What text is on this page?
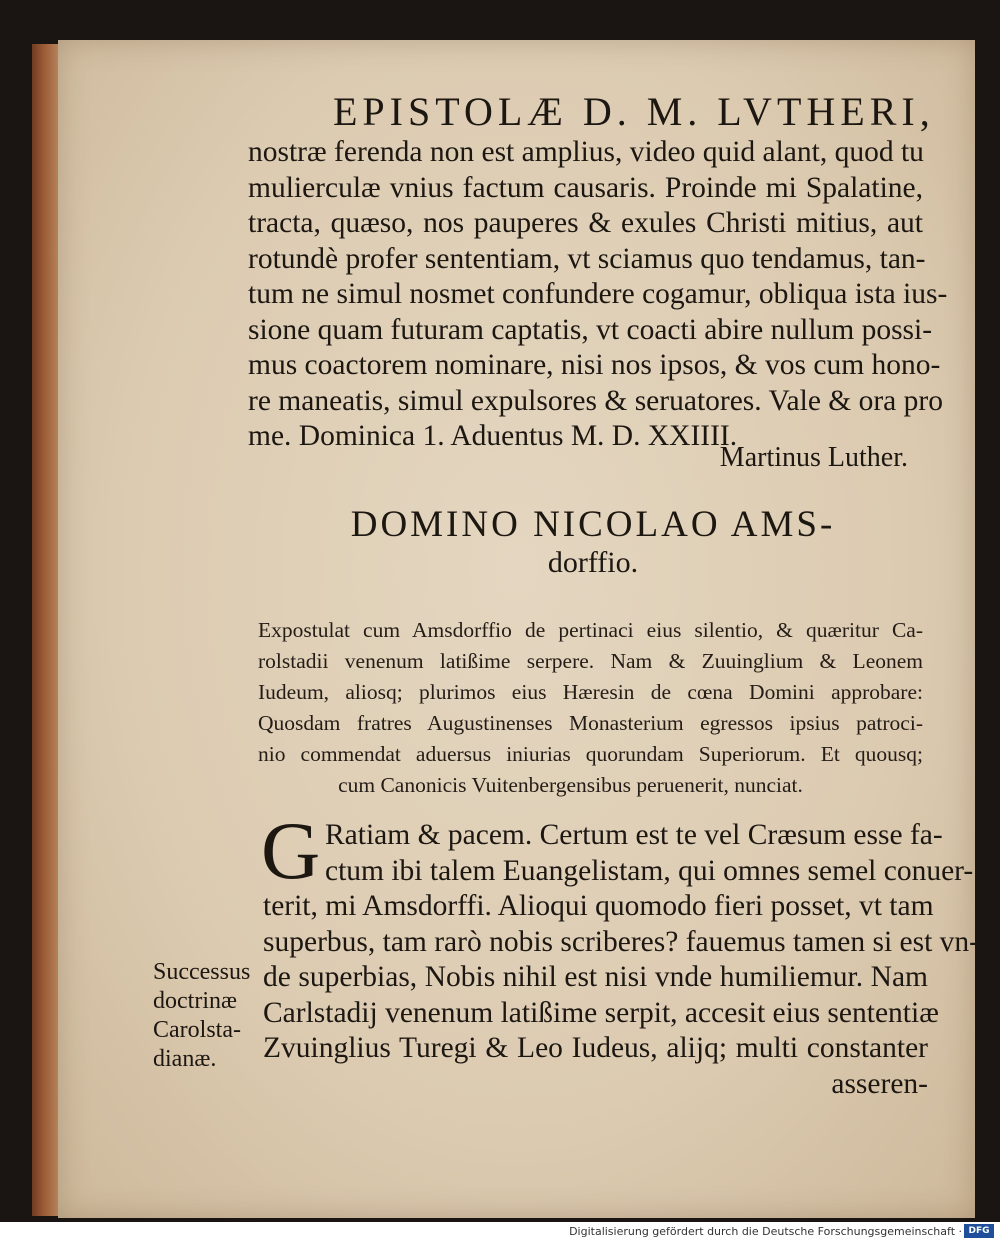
EPISTOLÆ D. M. LVTHERI,
nostræ ferenda non est amplius, video quid alant, quod tu
mulierculæ vnius factum causaris. Proinde mi Spalatine,
tracta, quæso, nos pauperes & exules Christi mitius, aut
rotundè profer sententiam, vt sciamus quo tendamus, tan-
tum ne simul nosmet confundere cogamur, obliqua ista ius-
sione quam futuram captatis, vt coacti abire nullum possi-
mus coactorem nominare, nisi nos ipsos, & vos cum hono-
re maneatis, simul expulsores & seruatores. Vale & ora pro
me. Dominica 1. Aduentus M. D. XXIIII.
Martinus Luther.
DOMINO NICOLAO AMS-
dorffio.
Expostulat cum Amsdorffio de pertinaci eius silentio, & quæritur Ca-
rolstadii venenum latißime serpere. Nam & Zuuinglium & Leonem
Iudeum, aliosq; plurimos eius Hæresin de cœna Domini approbare:
Quosdam fratres Augustinenses Monasterium egressos ipsius patroci-
nio commendat aduersus iniurias quorundam Superiorum. Et quousq;
cum Canonicis Vuitenbergensibus peruenerit, nunciat.
G Ratiam & pacem. Certum est te vel Cræsum esse fa-
ctum ibi talem Euangelistam, qui omnes semel conuer-
terit, mi Amsdorffi. Alioqui quomodo fieri posset, vt tam
superbus, tam rarò nobis scriberes? fauemus tamen si est vn-
de superbias, Nobis nihil est nisi vnde humiliemur. Nam
Carlstadij venenum latißime serpit, accesit eius sententiæ
Zvuinglius Turegi & Leo Iudeus, alijq; multi constanter
asseren-
Successus
doctrinæ
Carolsta-
dianæ.
Digitalisierung gefördert durch die Deutsche Forschungsgemeinschaft · DFG
